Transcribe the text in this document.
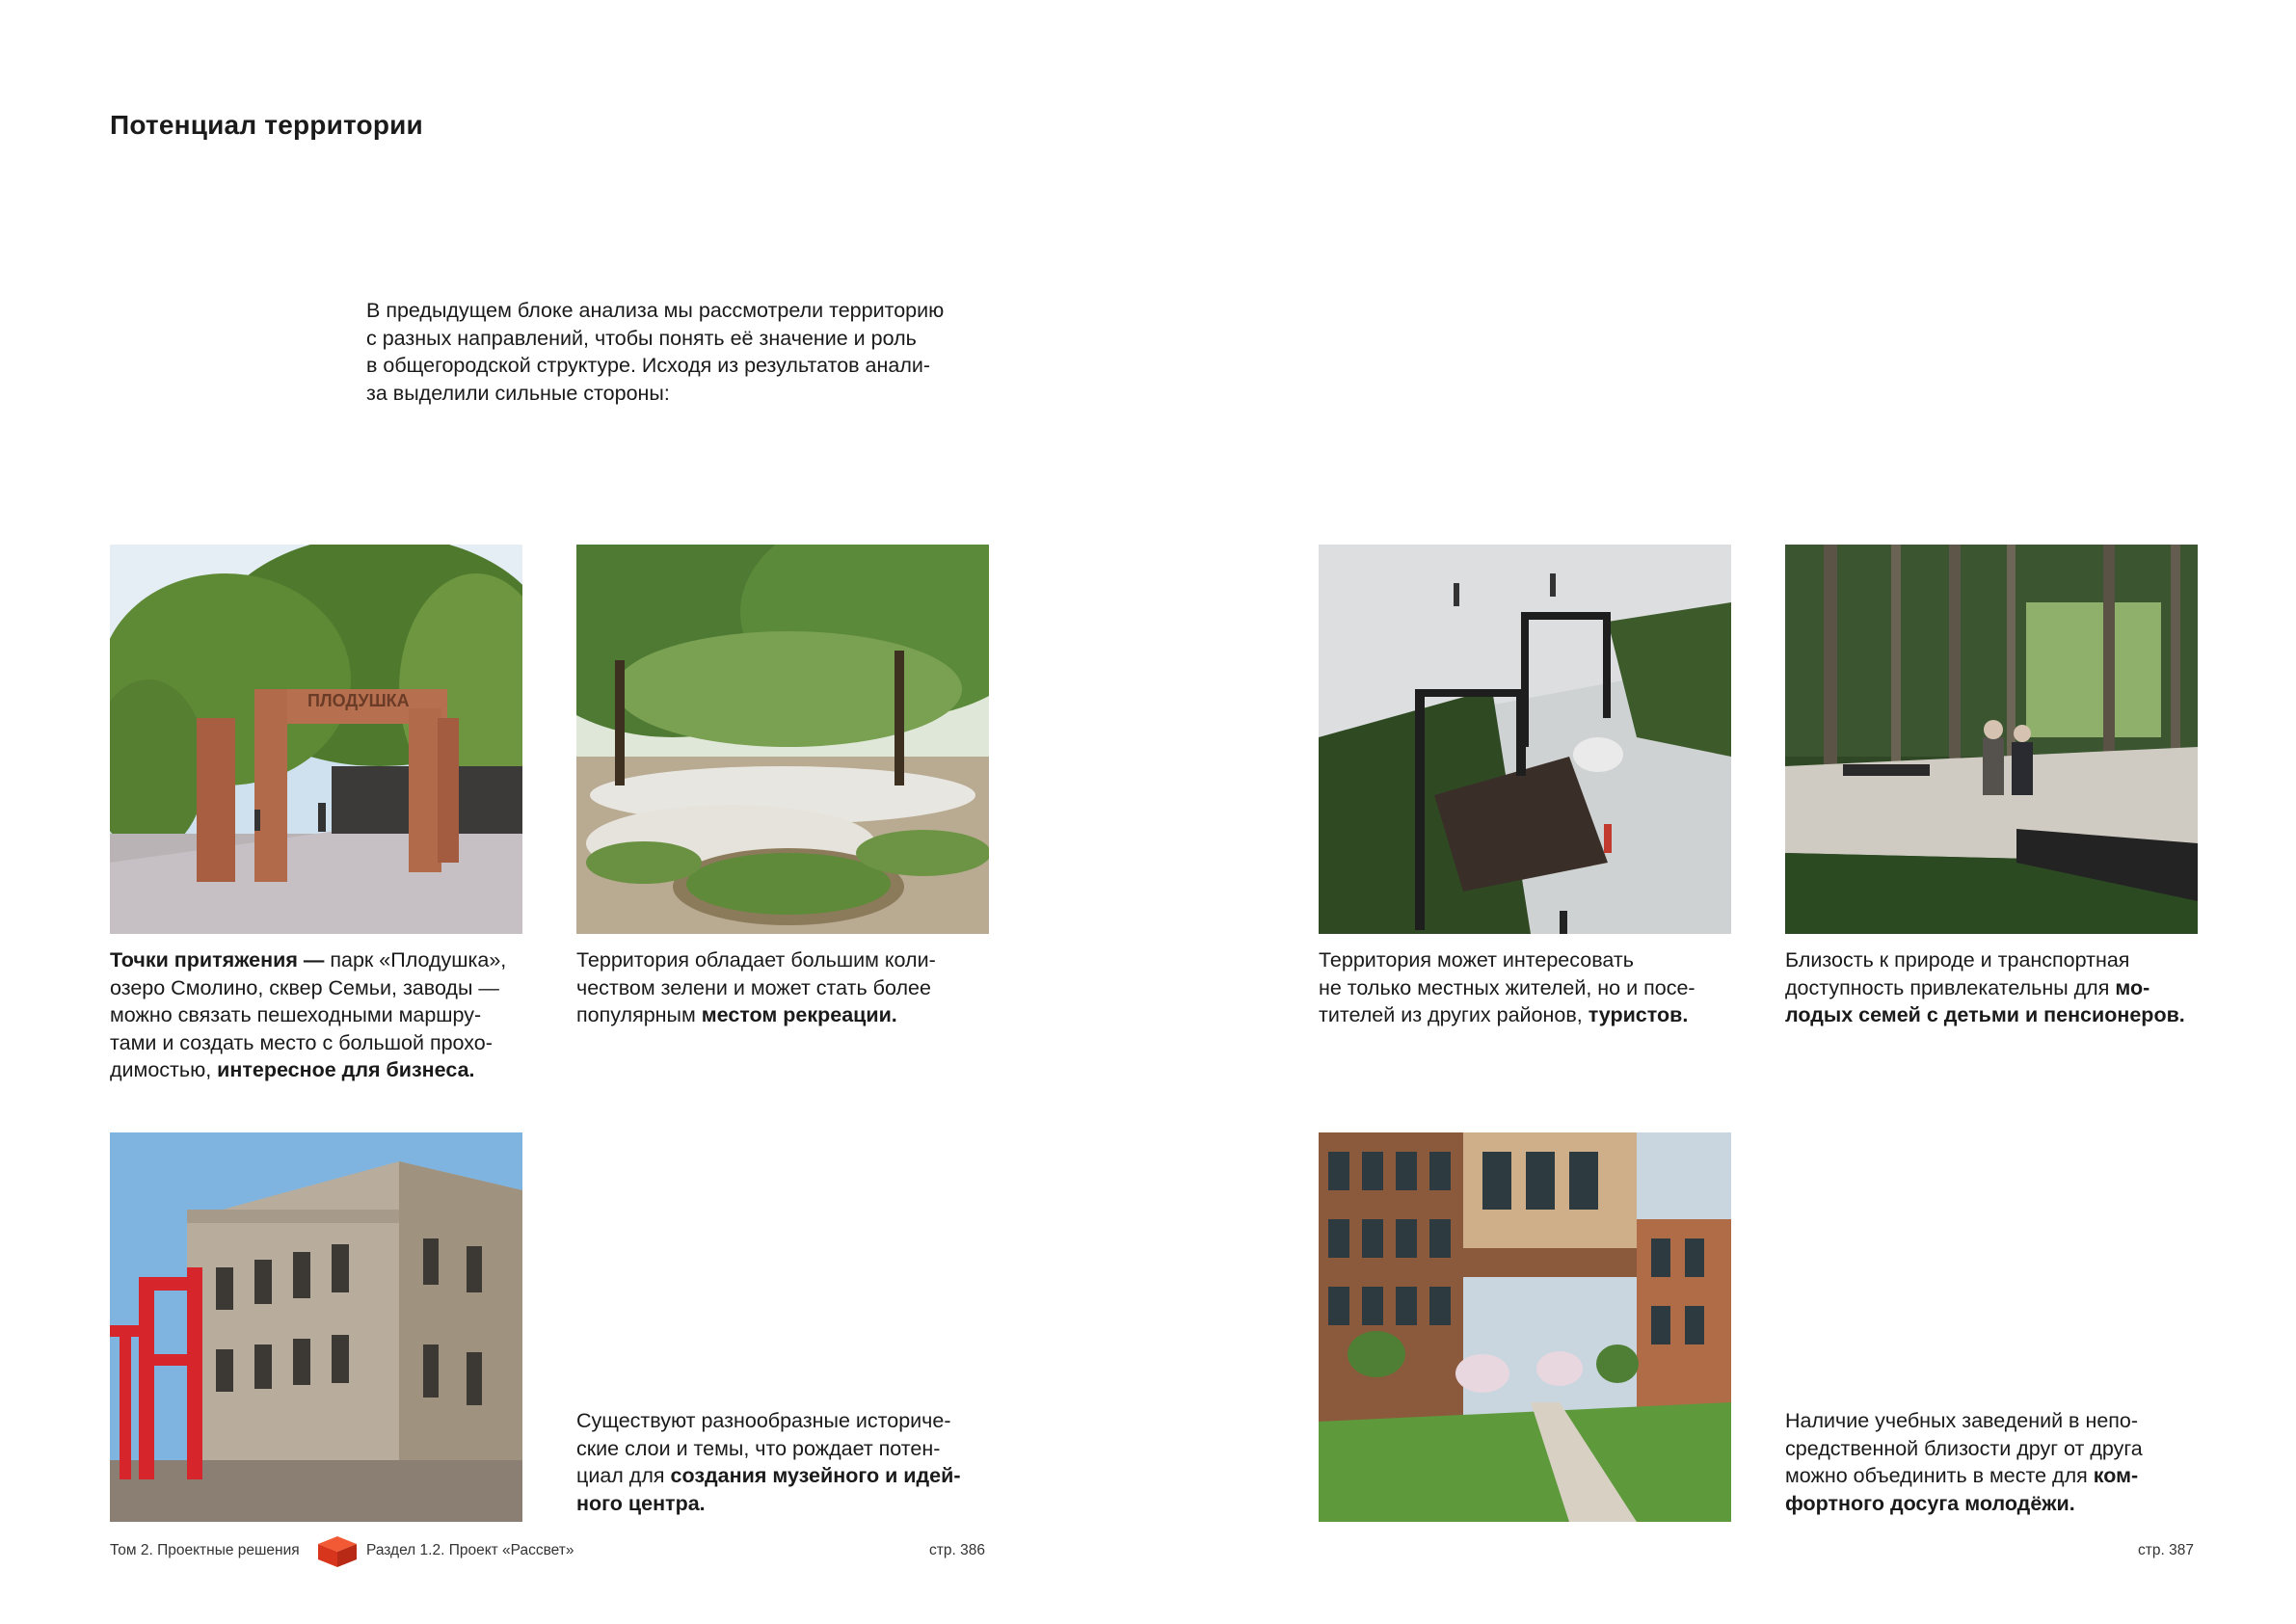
Потенциал территории
В предыдущем блоке анализа мы рассмотрели территорию
с разных направлений, чтобы понять её значение и роль
в общегородской структуре. Исходя из результатов анали-
за выделили сильные стороны:
ПЛОДУШКА
Точки притяжения — парк «Плодушка»,
озеро Смолино, сквер Семьи, заводы —
можно связать пешеходными маршру-
тами и создать место с большой прохо-
димостью, интересное для бизнеса.
Территория обладает большим коли-
чеством зелени и может стать более
популярным местом рекреации.
Территория может интересовать
не только местных жителей, но и посе-
тителей из других районов, туристов.
Близость к природе и транспортная
доступность привлекательны для мо-
лодых семей с детьми и пенсионеров.
Существуют разнообразные историче-
ские слои и темы, что рождает потен-
циал для создания музейного и идей-
ного центра.
Наличие учебных заведений в непо-
средственной близости друг от друга
можно объединить в месте для ком-
фортного досуга молодёжи.
Том 2. Проектные решения	Раздел 1.2. Проект «Рассвет»	стр. 386	стр. 387
